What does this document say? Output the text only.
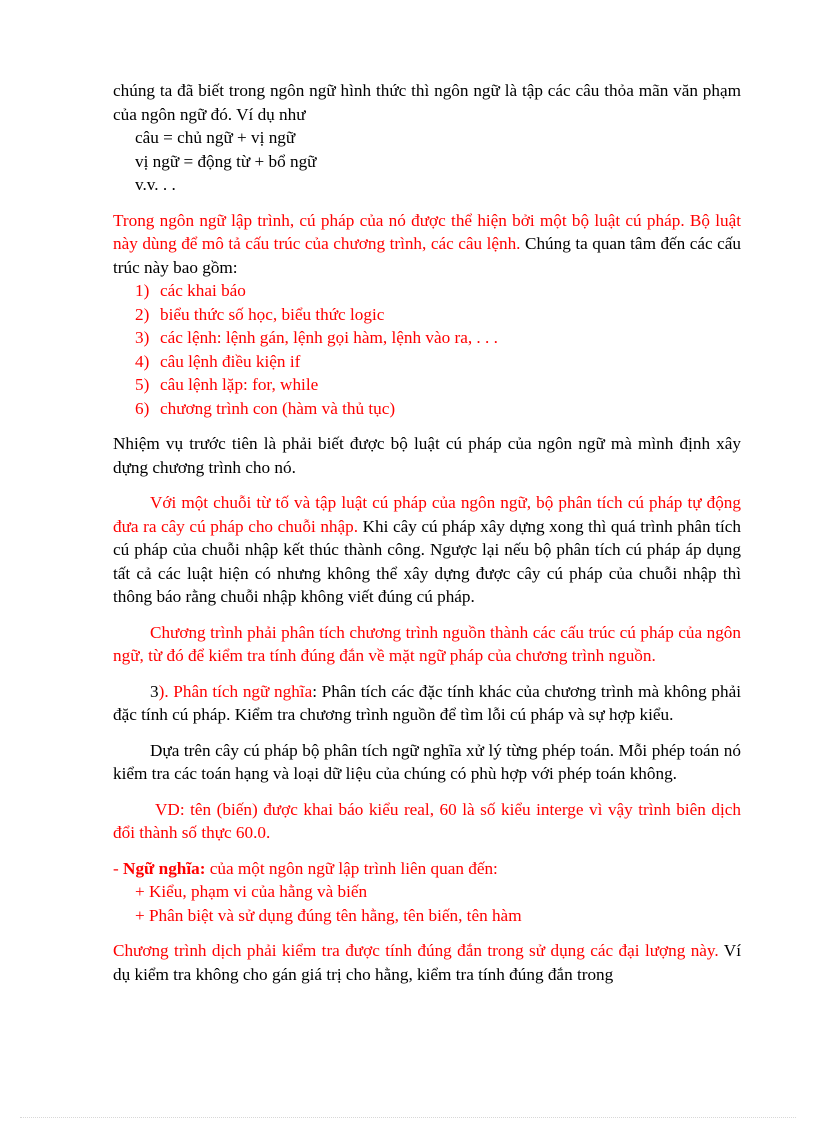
chúng ta đã biết trong ngôn ngữ hình thức thì ngôn ngữ là tập các câu thỏa mãn văn phạm của ngôn ngữ đó. Ví dụ như

câu = chủ ngữ + vị ngữ

vị ngữ = động từ + bổ ngữ

v.v. . .

Trong ngôn ngữ lập trình, cú pháp của nó được thể hiện bởi một bộ luật cú pháp. Bộ luật này dùng để mô tả cấu trúc của chương trình, các câu lệnh. Chúng ta quan tâm đến các cấu trúc này bao gồm:

1) các khai báo
2) biểu thức số học, biểu thức logic
3) các lệnh: lệnh gán, lệnh gọi hàm, lệnh vào ra, . . .
4) câu lệnh điều kiện if
5) câu lệnh lặp: for, while
6) chương trình con (hàm và thủ tục)

Nhiệm vụ trước tiên là phải biết được bộ luật cú pháp của ngôn ngữ mà mình định xây dựng chương trình cho nó.

Với một chuỗi từ tố và tập luật cú pháp của ngôn ngữ, bộ phân tích cú pháp tự động đưa ra cây cú pháp cho chuỗi nhập. Khi cây cú pháp xây dựng xong thì quá trình phân tích cú pháp của chuỗi nhập kết thúc thành công. Ngược lại nếu bộ phân tích cú pháp áp dụng tất cả các luật hiện có nhưng không thể xây dựng được cây cú pháp của chuỗi nhập thì thông báo rằng chuỗi nhập không viết đúng cú pháp.

Chương trình phải phân tích chương trình nguồn thành các cấu trúc cú pháp của ngôn ngữ, từ đó để kiểm tra tính đúng đắn về mặt ngữ pháp của chương trình nguồn.

3). Phân tích ngữ nghĩa: Phân tích các đặc tính khác của chương trình mà không phải đặc tính cú pháp. Kiểm tra chương trình nguồn để tìm lỗi cú pháp và sự hợp kiểu.

Dựa trên cây cú pháp bộ phân tích ngữ nghĩa xử lý từng phép toán. Mỗi phép toán nó kiểm tra các toán hạng và loại dữ liệu của chúng có phù hợp với phép toán không.

VD: tên (biến) được khai báo kiểu real, 60 là số kiểu interge vì vậy trình biên dịch đổi thành số thực 60.0.

- Ngữ nghĩa: của một ngôn ngữ lập trình liên quan đến:

+ Kiểu, phạm vi của hằng và biến

+ Phân biệt và sử dụng đúng tên hằng, tên biến, tên hàm

Chương trình dịch phải kiểm tra được tính đúng đắn trong sử dụng các đại lượng này. Ví dụ kiểm tra không cho gán giá trị cho hằng, kiểm tra tính đúng đắn trong
